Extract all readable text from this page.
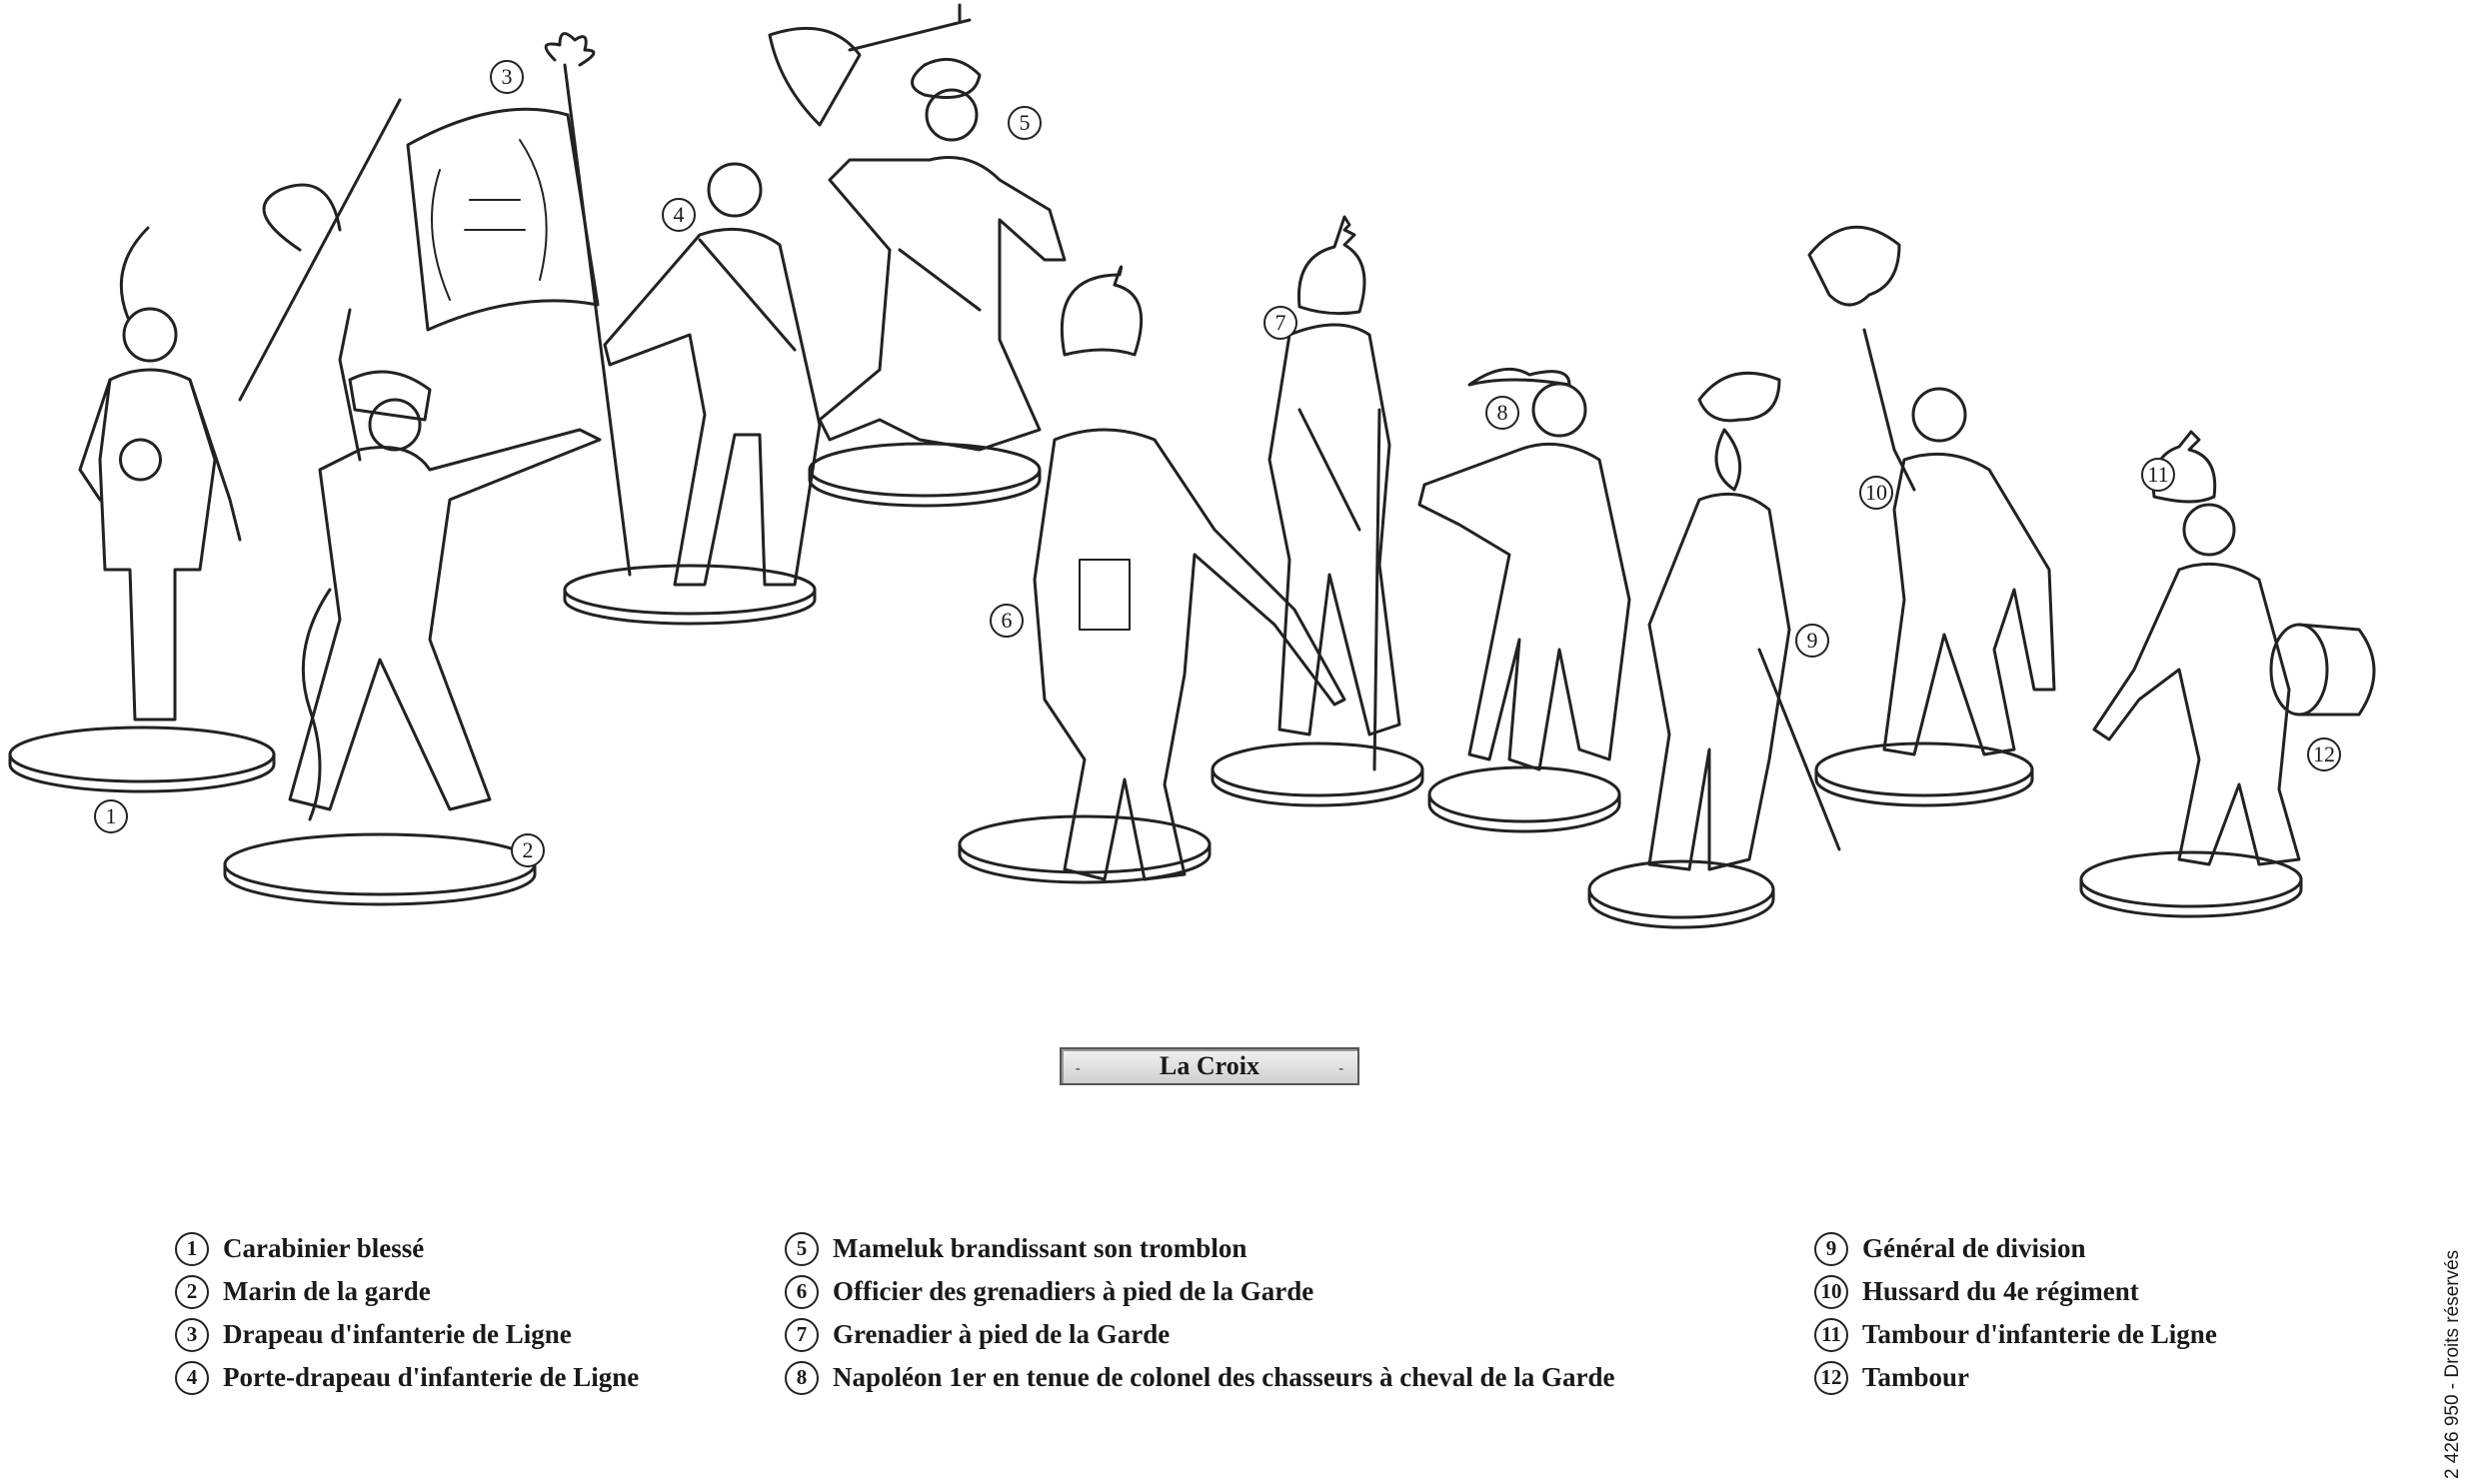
1
2
3
4
5
6
7
8
9
10
11
12
-	La Croix	-
1 Carabinier blessé
2 Marin de la garde
3 Drapeau d'infanterie de Ligne
4 Porte-drapeau d'infanterie de Ligne
5 Mameluk brandissant son tromblon
6 Officier des grenadiers à pied de la Garde
7 Grenadier à pied de la Garde
8 Napoléon 1er en tenue de colonel des chasseurs à cheval de la Garde
9 Général de division
10 Hussard du 4e régiment
11 Tambour d'infanterie de Ligne
12 Tambour	2 426 950 - Droits réservés
